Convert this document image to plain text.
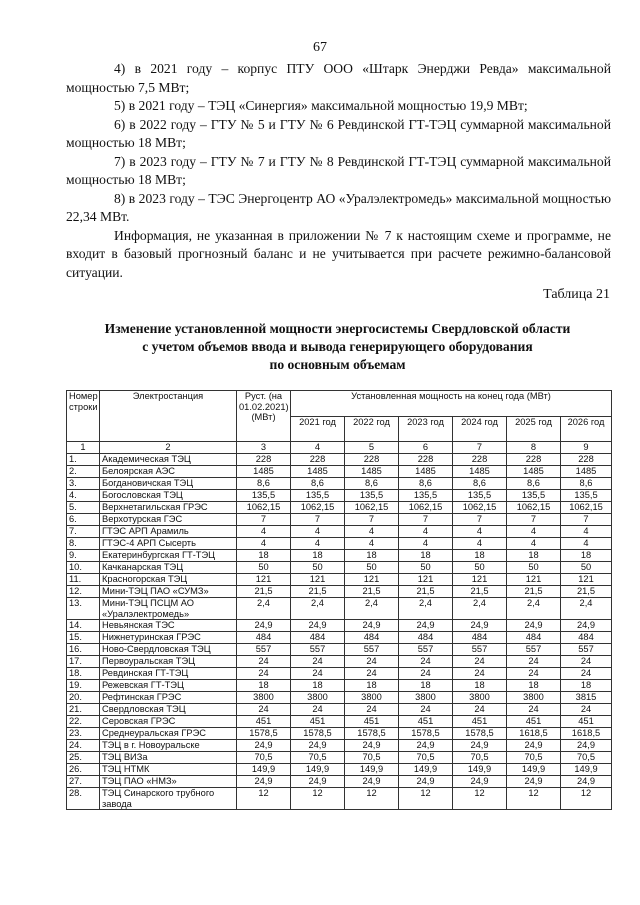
67

4) в 2021 году – корпус ПТУ ООО «Штарк Энерджи Ревда» максимальной мощностью 7,5 МВт;

5) в 2021 году – ТЭЦ «Синергия» максимальной мощностью 19,9 МВт;

6) в 2022 году – ГТУ № 5 и ГТУ № 6 Ревдинской ГТ-ТЭЦ суммарной максимальной мощностью 18 МВт;

7) в 2023 году – ГТУ № 7 и ГТУ № 8 Ревдинской ГТ-ТЭЦ суммарной максимальной мощностью 18 МВт;

8) в 2023 году – ТЭС Энергоцентр АО «Уралэлектромедь» максимальной мощностью 22,34 МВт.

Информация, не указанная в приложении № 7 к настоящим схеме и программе, не входит в базовый прогнозный баланс и не учитывается при расчете режимно-балансовой ситуации.

Таблица 21
Изменение установленной мощности энергосистемы Свердловской области
с учетом объемов ввода и вывода генерирующего оборудования
по основным объемам
Номер строки	Электростанция	Руст. (на 01.02.2021) (МВт)	Установленная мощность на конец года (МВт)					
			2021 год	2022 год	2023 год	2024 год	2025 год	2026 год
1	2	3	4	5	6	7	8	9
1.	Академическая ТЭЦ	228	228	228	228	228	228	228
2.	Белоярская АЭС	1485	1485	1485	1485	1485	1485	1485
3.	Богдановичская ТЭЦ	8,6	8,6	8,6	8,6	8,6	8,6	8,6
4.	Богословская ТЭЦ	135,5	135,5	135,5	135,5	135,5	135,5	135,5
5.	Верхнетагильская ГРЭС	1062,15	1062,15	1062,15	1062,15	1062,15	1062,15	1062,15
6.	Верхотурская ГЭС	7	7	7	7	7	7	7
7.	ГТЭС АРП Арамиль	4	4	4	4	4	4	4
8.	ГТЭС-4 АРП Сысерть	4	4	4	4	4	4	4
9.	Екатеринбургская ГТ-ТЭЦ	18	18	18	18	18	18	18
10.	Качканарская ТЭЦ	50	50	50	50	50	50	50
11.	Красногорская ТЭЦ	121	121	121	121	121	121	121
12.	Мини-ТЭЦ ПАО «СУМЗ»	21,5	21,5	21,5	21,5	21,5	21,5	21,5
13.	Мини-ТЭЦ ПСЦМ АО «Уралэлектромедь»	2,4	2,4	2,4	2,4	2,4	2,4	2,4
14.	Невьянская ТЭС	24,9	24,9	24,9	24,9	24,9	24,9	24,9
15.	Нижнетуринская ГРЭС	484	484	484	484	484	484	484
16.	Ново-Свердловская ТЭЦ	557	557	557	557	557	557	557
17.	Первоуральская ТЭЦ	24	24	24	24	24	24	24
18.	Ревдинская ГТ-ТЭЦ	24	24	24	24	24	24	24
19.	Режевская ГТ-ТЭЦ	18	18	18	18	18	18	18
20.	Рефтинская ГРЭС	3800	3800	3800	3800	3800	3800	3815
21.	Свердловская ТЭЦ	24	24	24	24	24	24	24
22.	Серовская ГРЭС	451	451	451	451	451	451	451
23.	Среднеуральская ГРЭС	1578,5	1578,5	1578,5	1578,5	1578,5	1618,5	1618,5
24.	ТЭЦ в г. Новоуральске	24,9	24,9	24,9	24,9	24,9	24,9	24,9
25.	ТЭЦ ВИЗа	70,5	70,5	70,5	70,5	70,5	70,5	70,5
26.	ТЭЦ НТМК	149,9	149,9	149,9	149,9	149,9	149,9	149,9
27.	ТЭЦ ПАО «НМЗ»	24,9	24,9	24,9	24,9	24,9	24,9	24,9
28.	ТЭЦ Синарского трубного завода	12	12	12	12	12	12	12
